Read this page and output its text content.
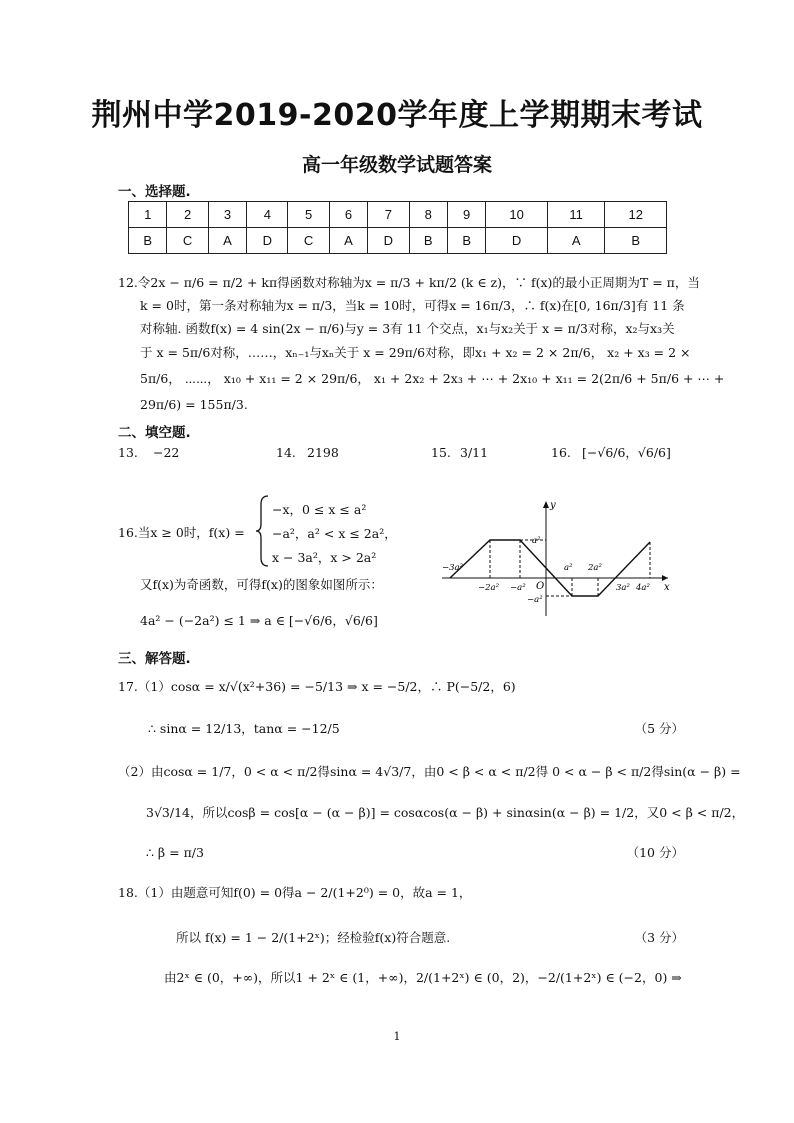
荆州中学2019-2020学年度上学期期末考试
高一年级数学试题答案
一、选择题.
1	2	3	4	5	6	7	8	9	10	11	12
B	C	A	D	C	A	D	B	B	D	A	B
12.令2x − π/6 = π/2 + kπ得函数对称轴为x = π/3 + kπ/2 (k ∈ z)，∵ f(x)的最小正周期为T = π，当
k = 0时，第一条对称轴为x = π/3，当k = 10时，可得x = 16π/3，∴ f(x)在[0, 16π/3]有 11 条
对称轴. 函数f(x) = 4 sin(2x − π/6)与y = 3有 11 个交点，x₁与x₂关于 x = π/3对称，x₂与x₃关
于 x = 5π/6对称，……，xₙ₋₁与xₙ关于 x = 29π/6对称，即x₁ + x₂ = 2 × 2π/6， x₂ + x₃ = 2 ×
5π/6， ⋯⋯， x₁₀ + x₁₁ = 2 × 29π/6， x₁ + 2x₂ + 2x₃ + ⋯ + 2x₁₀ + x₁₁ = 2(2π/6 + 5π/6 + ⋯ +
29π/6) = 155π/3.
二、填空题.
13. −22	14. 2198	15. 3/11	16. [−√6/6，√6/6]
16.当x ≥ 0时，f(x) =
−x，0 ≤ x ≤ a²
−a²，a² < x ≤ 2a²，
x − 3a²，x > 2a²
又f(x)为奇函数，可得f(x)的图象如图所示：
4a² − (−2a²) ≤ 1 ⇒ a ∈ [−√6/6，√6/6]
y
x
O
−3a²
−2a² −a²
a² 2a²
3a² 4a²
a²
−a²
三、解答题.
17.（1）cosα = x/√(x²+36) = −5/13 ⇒ x = −5/2，∴ P(−5/2，6)
∴ sinα = 12/13，tanα = −12/5	（5 分）
（2）由cosα = 1/7，0 < α < π/2得sinα = 4√3/7，由0 < β < α < π/2得 0 < α − β < π/2得sin(α − β) =
3√3/14，所以cosβ = cos[α − (α − β)] = cosαcos(α − β) + sinαsin(α − β) = 1/2，又0 < β < π/2，
∴ β = π/3	（10 分）
18.（1）由题意可知f(0) = 0得a − 2/(1+2⁰) = 0，故a = 1，
所以 f(x) = 1 − 2/(1+2ˣ)；经检验f(x)符合题意.	（3 分）
由2ˣ ∈ (0，+∞)，所以1 + 2ˣ ∈ (1，+∞)，2/(1+2ˣ) ∈ (0，2)，−2/(1+2ˣ) ∈ (−2，0) ⇒
1
